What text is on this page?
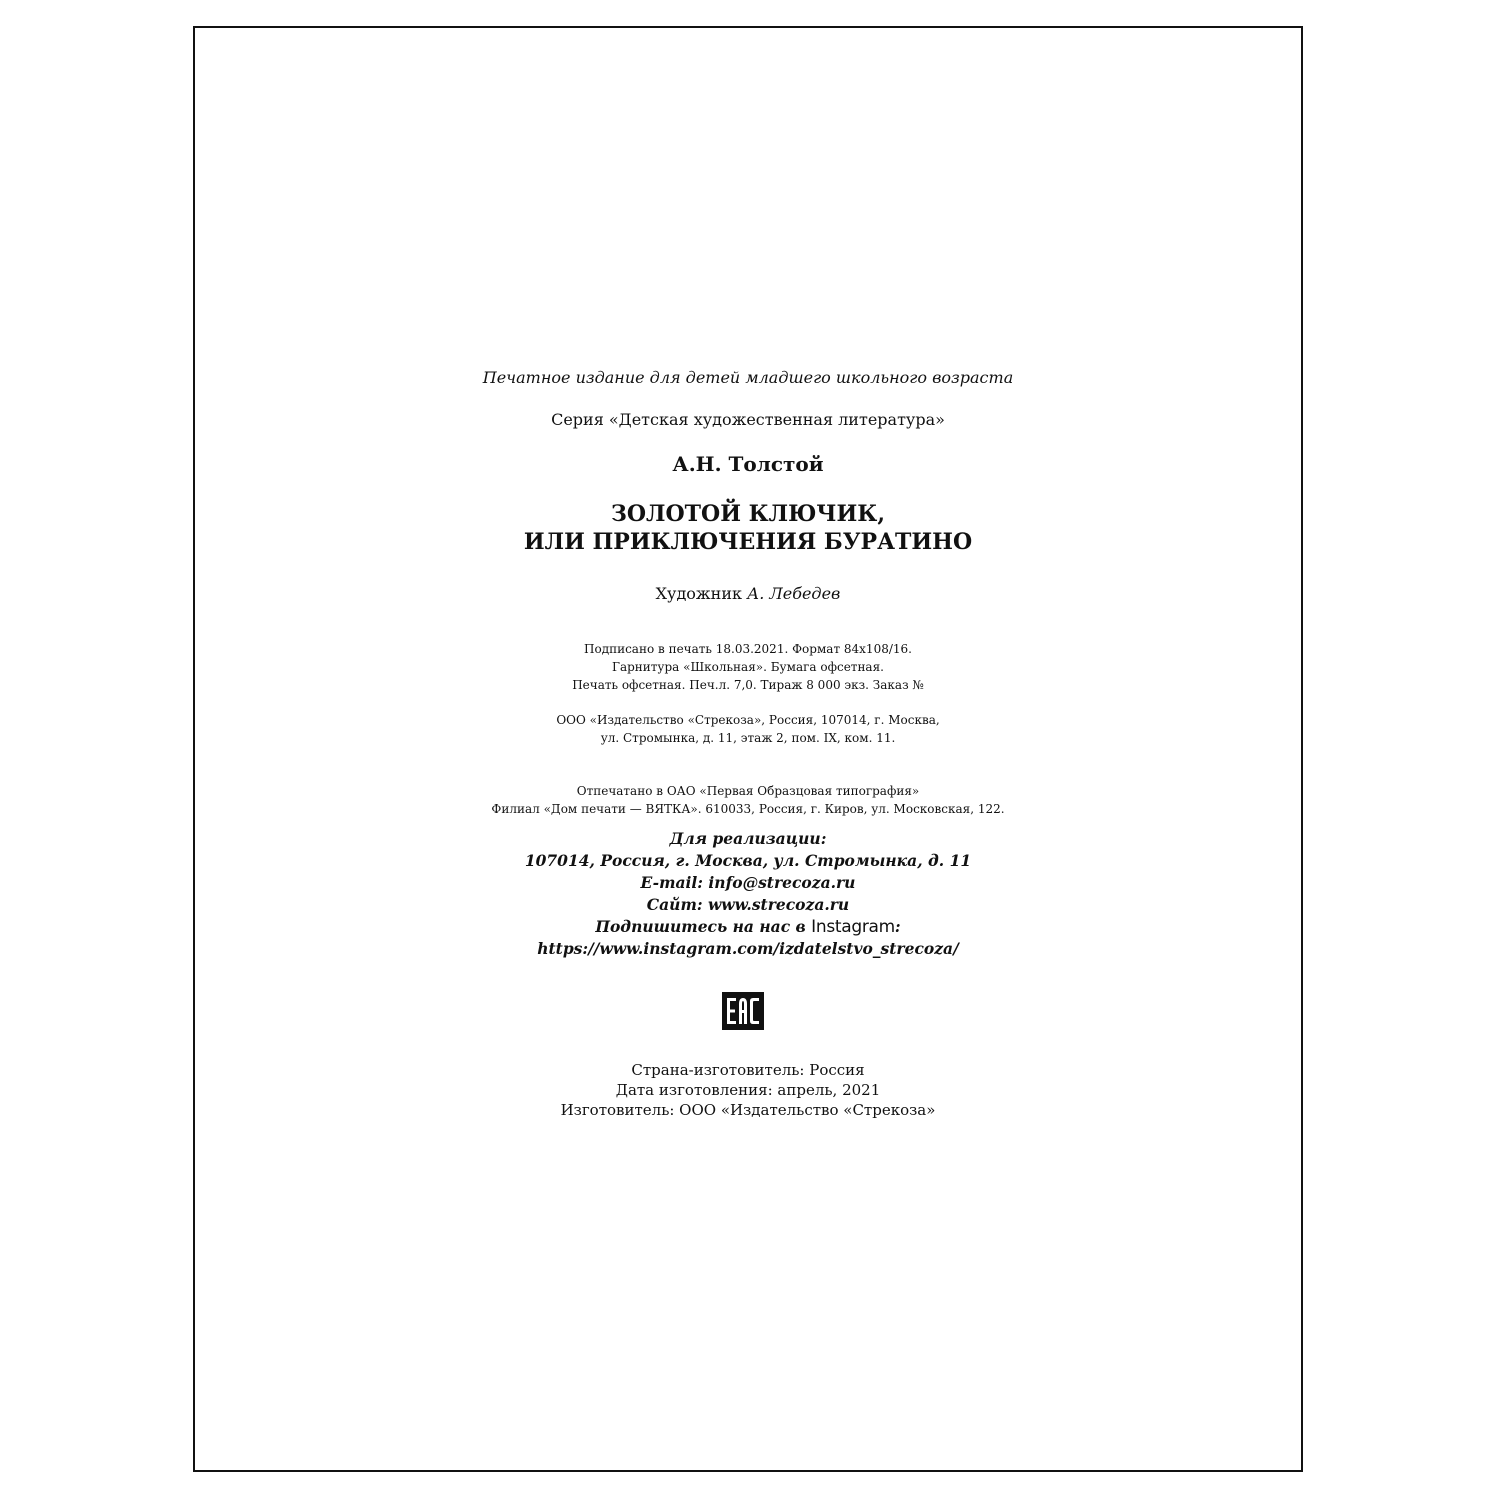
Печатное издание для детей младшего школьного возраста
Серия «Детская художественная литература»
А.Н. Толстой
ЗОЛОТОЙ КЛЮЧИК,
ИЛИ ПРИКЛЮЧЕНИЯ БУРАТИНО
Художник А. Лебедев
Подписано в печать 18.03.2021. Формат 84x108/16.
Гарнитура «Школьная». Бумага офсетная.
Печать офсетная. Печ.л. 7,0. Тираж 8 000 экз. Заказ №
ООО «Издательство «Стрекоза», Россия, 107014, г. Москва,
ул. Стромынка, д. 11, этаж 2, пом. IX, ком. 11.
Отпечатано в ОАО «Первая Образцовая типография»
Филиал «Дом печати — ВЯТКА». 610033, Россия, г. Киров, ул. Московская, 122.
Для реализации:
107014, Россия, г. Москва, ул. Стромынка, д. 11
E-mail: info@strecoza.ru
Сайт: www.strecoza.ru
Подпишитесь на нас в Instagram:
https://www.instagram.com/izdatelstvo_strecoza/
Страна-изготовитель: Россия
Дата изготовления: апрель, 2021
Изготовитель: ООО «Издательство «Стрекоза»
